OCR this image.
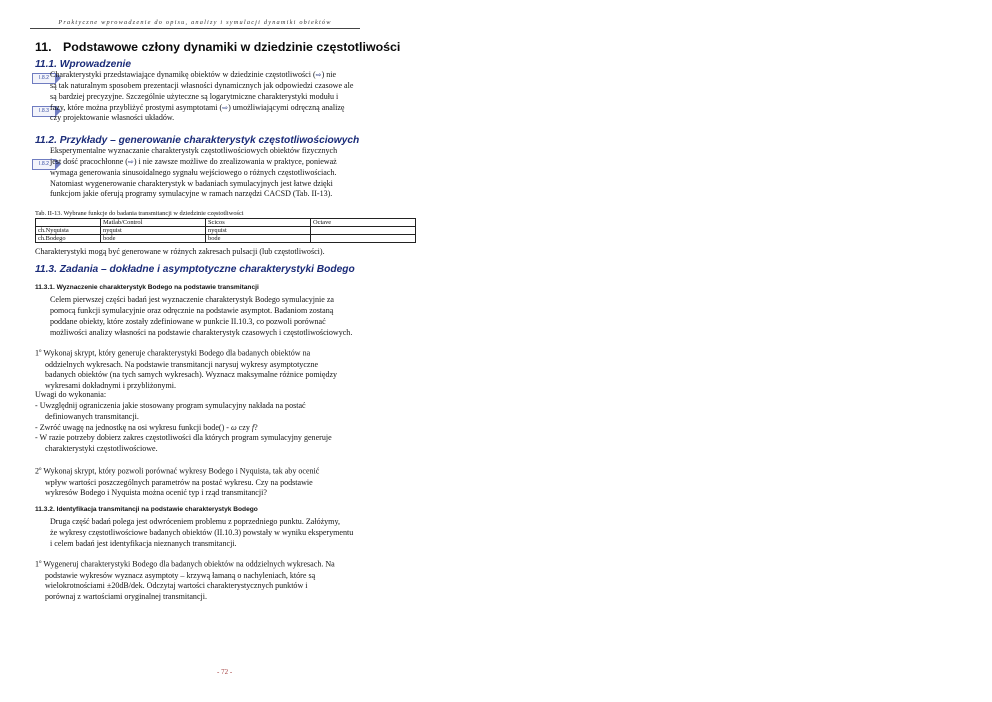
Praktyczne wprowadzenie do opisu, analizy i symulacji dynamiki obiektów
11. Podstawowe człony dynamiki w dziedzinie częstotliwości
11.1. Wprowadzenie
I.8.2
I.8.3
Charakterystyki przedstawiające dynamikę obiektów w dziedzinie częstotliwości (⇨) nie
są tak naturalnym sposobem prezentacji własności dynamicznych jak odpowiedzi czasowe ale
są bardziej precyzyjne. Szczególnie użyteczne są logarytmiczne charakterystyki modułu i
fazy, które można przybliżyć prostymi asymptotami (⇨) umożliwiającymi odręczną analizę
czy projektowanie własności układów.
11.2. Przykłady – generowanie charakterystyk częstotliwościowych
I.8.2
Eksperymentalne wyznaczanie charakterystyk częstotliwościowych obiektów fizycznych
jest dość pracochłonne (⇨) i nie zawsze możliwe do zrealizowania w praktyce, ponieważ
wymaga generowania sinusoidalnego sygnału wejściowego o różnych częstotliwościach.
Natomiast wygenerowanie charakterystyk w badaniach symulacyjnych jest łatwe dzięki
funkcjom jakie oferują programy symulacyjne w ramach narzędzi CACSD (Tab. II-13).
Tab. II-13. Wybrane funkcje do badania transmitancji w dziedzinie częstotliwości
	Matlab/Control	Scicos	Octave
ch.Nyquista	nyquist	nyquist	
ch.Bodego	bode	bode	
Charakterystyki mogą być generowane w różnych zakresach pulsacji (lub częstotliwości).
11.3. Zadania – dokładne i asymptotyczne charakterystyki Bodego
11.3.1. Wyznaczenie charakterystyk Bodego na podstawie transmitancji
Celem pierwszej części badań jest wyznaczenie charakterystyk Bodego symulacyjnie za
pomocą funkcji symulacyjnie oraz odręcznie na podstawie asymptot. Badaniom zostaną
poddane obiekty, które zostały zdefiniowane w punkcie II.10.3, co pozwoli porównać
możliwości analizy własności na podstawie charakterystyk czasowych i częstotliwościowych.
1$^o$ Wykonaj skrypt, który generuje charakterystyki Bodego dla badanych obiektów na
oddzielnych wykresach. Na podstawie transmitancji narysuj wykresy asymptotyczne
badanych obiektów (na tych samych wykresach). Wyznacz maksymalne różnice pomiędzy
wykresami dokładnymi i przybliżonymi.
Uwagi do wykonania:
- Uwzględnij ograniczenia jakie stosowany program symulacyjny nakłada na postać
definiowanych transmitancji.
- Zwróć uwagę na jednostkę na osi wykresu funkcji bode() - ω czy f?
- W razie potrzeby dobierz zakres częstotliwości dla których program symulacyjny generuje
charakterystyki częstotliwościowe.
2$^o$ Wykonaj skrypt, który pozwoli porównać wykresy Bodego i Nyquista, tak aby ocenić
wpływ wartości poszczególnych parametrów na postać wykresu. Czy na podstawie
wykresów Bodego i Nyquista można ocenić typ i rząd transmitancji?
11.3.2. Identyfikacja transmitancji na podstawie charakterystyk Bodego
Druga część badań polega jest odwróceniem problemu z poprzedniego punktu. Załóżymy,
że wykresy częstotliwościowe badanych obiektów (II.10.3) powstały w wyniku eksperymentu
i celem badań jest identyfikacja nieznanych transmitancji.
1$^o$ Wygeneruj charakterystyki Bodego dla badanych obiektów na oddzielnych wykresach. Na
podstawie wykresów wyznacz asymptoty – krzywą łamaną o nachyleniach, które są
wielokrotnościami ±20dB/dek. Odczytaj wartości charakterystycznych punktów i
porównaj z wartościami oryginalnej transmitancji.
- 72 -
